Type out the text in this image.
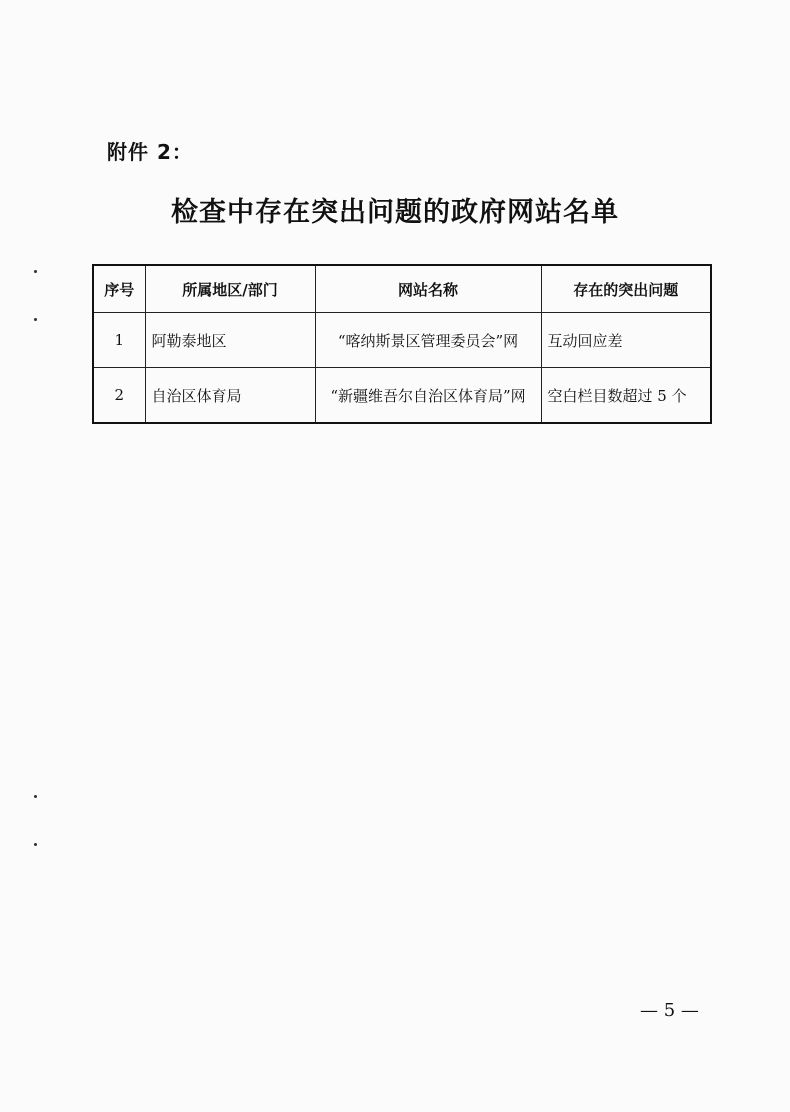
附件 2：
检查中存在突出问题的政府网站名单
序号	所属地区/部门	网站名称	存在的突出问题
1	阿勒泰地区	“喀纳斯景区管理委员会”网	互动回应差
2	自治区体育局	“新疆维吾尔自治区体育局”网	空白栏目数超过 5 个
— 5 —
